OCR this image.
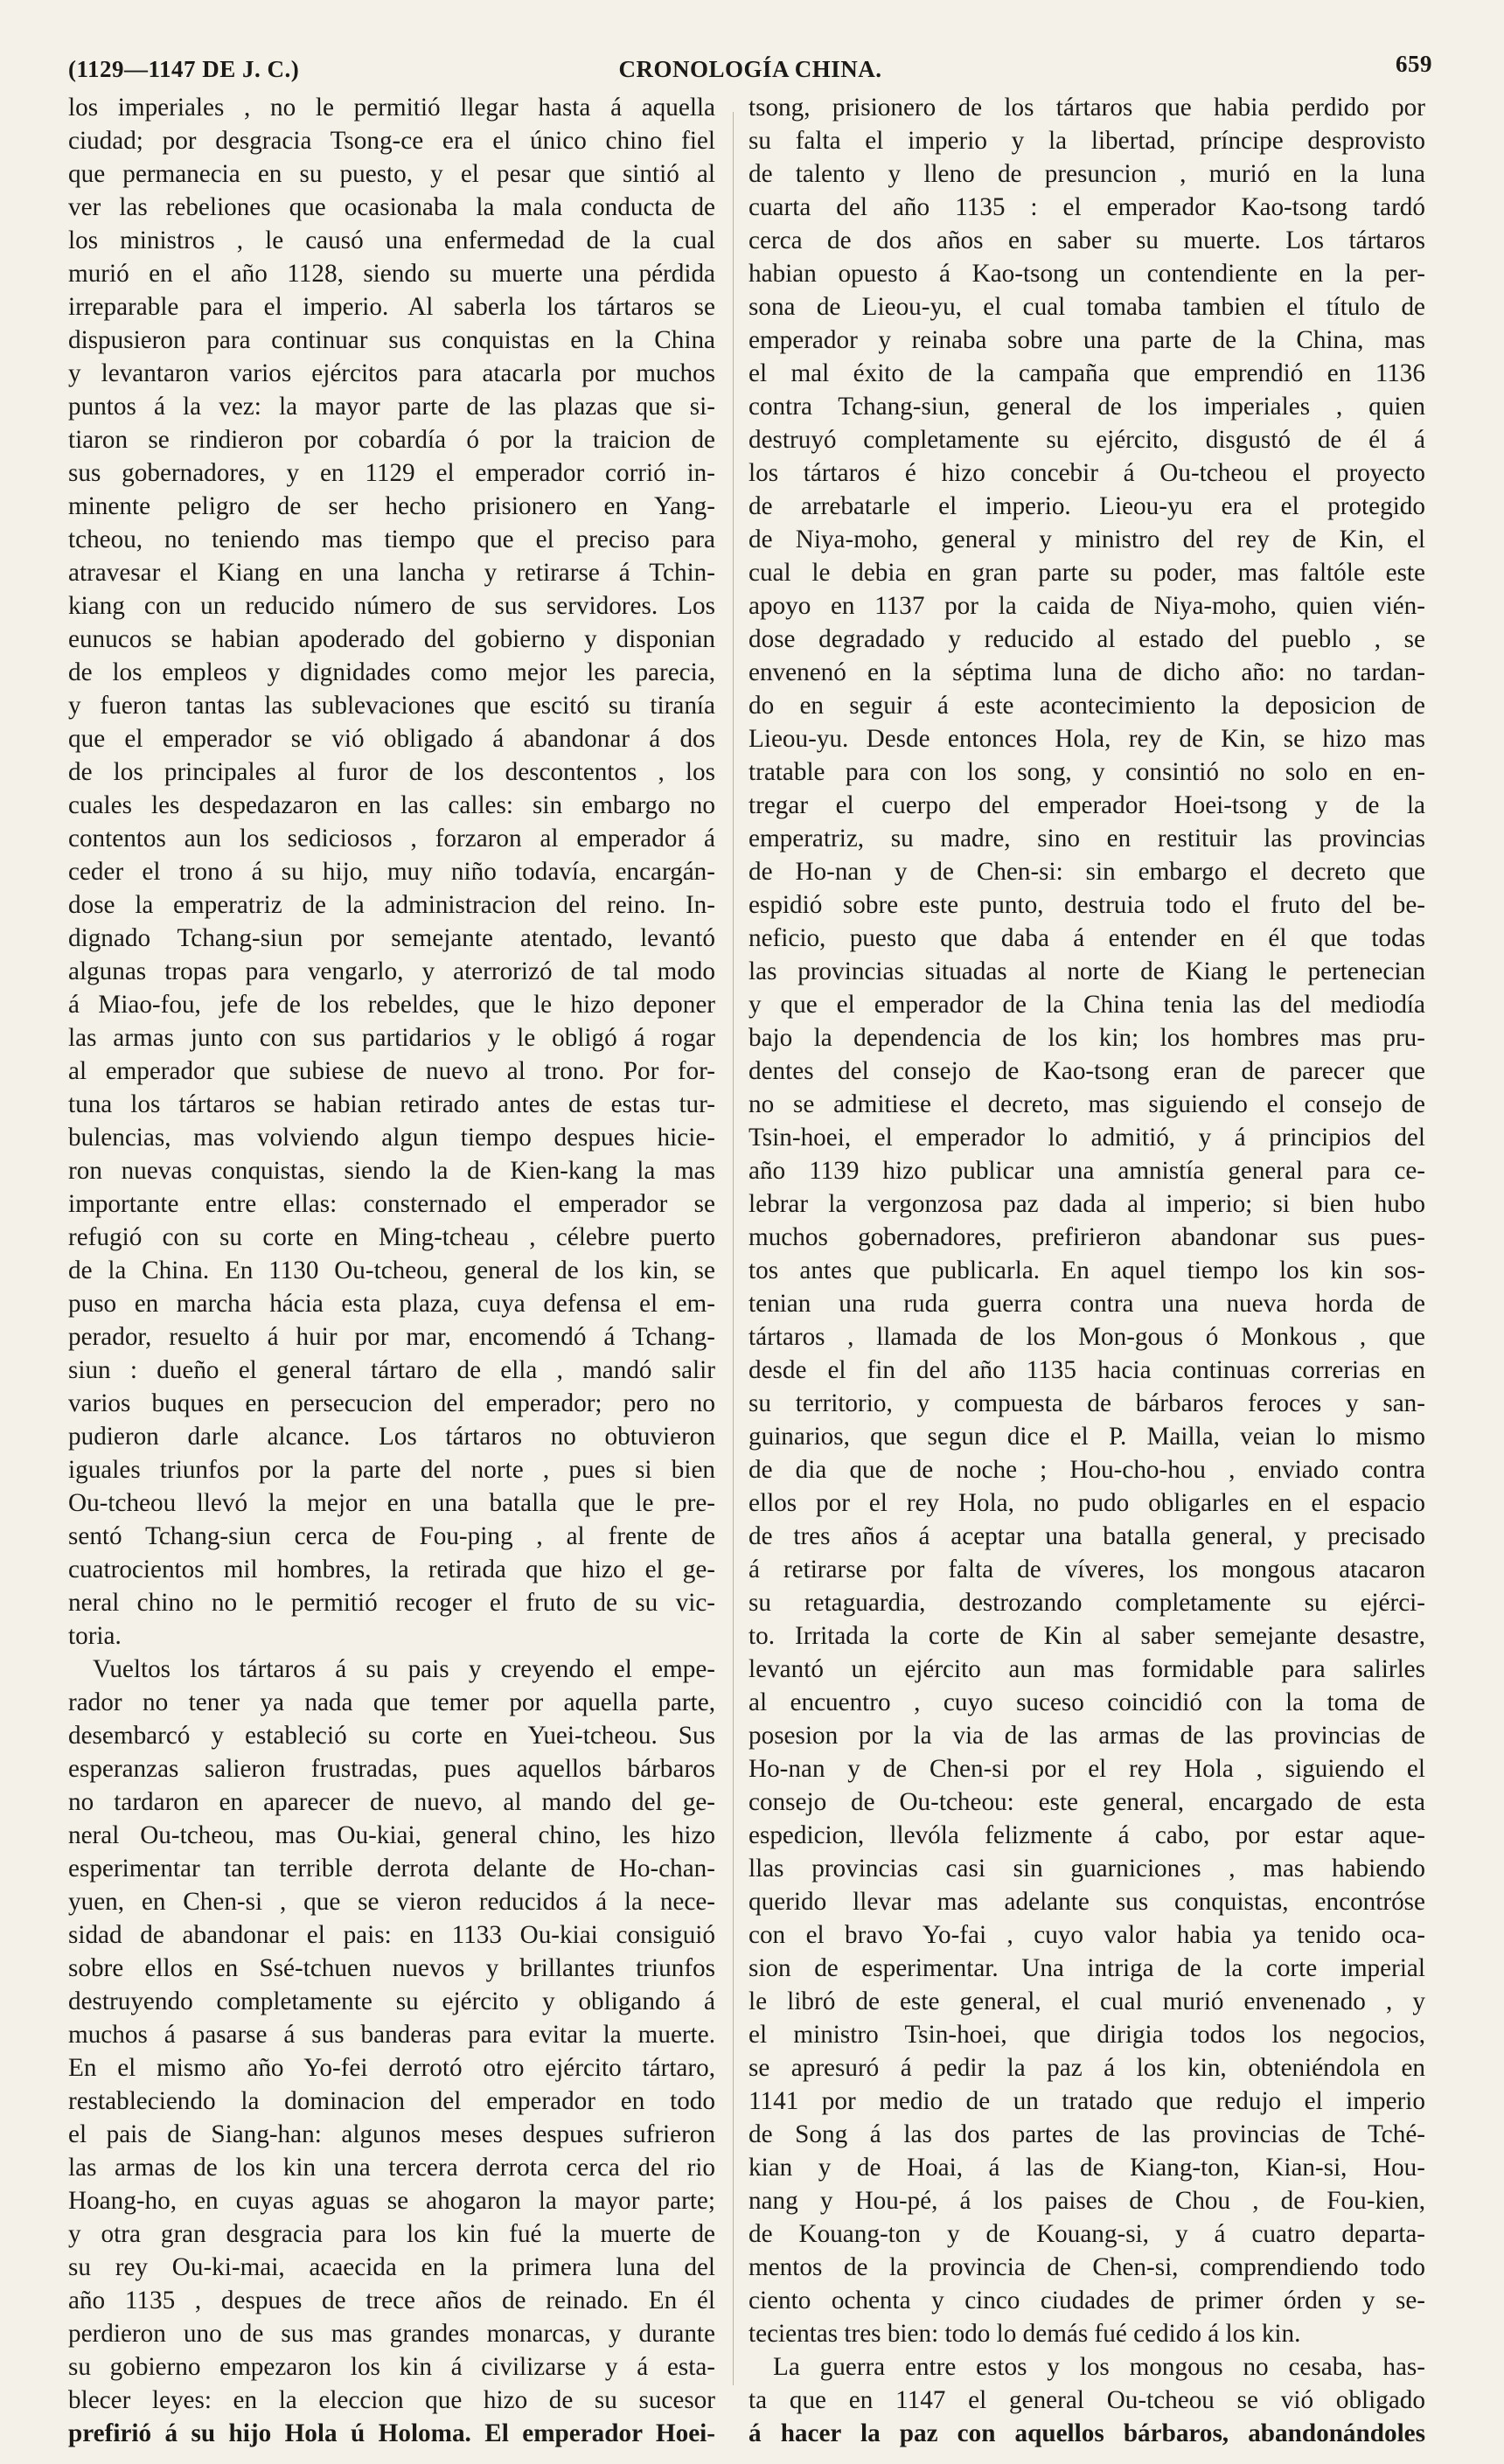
(1129—1147 DE J. C.)	CRONOLOGÍA CHINA.	659
los imperiales , no le permitió llegar hasta á aquella
ciudad; por desgracia Tsong-ce era el único chino fiel
que permanecia en su puesto, y el pesar que sintió al
ver las rebeliones que ocasionaba la mala conducta de
los ministros , le causó una enfermedad de la cual
murió en el año 1128, siendo su muerte una pérdida
irreparable para el imperio. Al saberla los tártaros se
dispusieron para continuar sus conquistas en la China
y levantaron varios ejércitos para atacarla por muchos
puntos á la vez: la mayor parte de las plazas que si-
tiaron se rindieron por cobardía ó por la traicion de
sus gobernadores, y en 1129 el emperador corrió in-
minente peligro de ser hecho prisionero en Yang-
tcheou, no teniendo mas tiempo que el preciso para
atravesar el Kiang en una lancha y retirarse á Tchin-
kiang con un reducido número de sus servidores. Los
eunucos se habian apoderado del gobierno y disponian
de los empleos y dignidades como mejor les parecia,
y fueron tantas las sublevaciones que escitó su tiranía
que el emperador se vió obligado á abandonar á dos
de los principales al furor de los descontentos , los
cuales les despedazaron en las calles: sin embargo no
contentos aun los sediciosos , forzaron al emperador á
ceder el trono á su hijo, muy niño todavía, encargán-
dose la emperatriz de la administracion del reino. In-
dignado Tchang-siun por semejante atentado, levantó
algunas tropas para vengarlo, y aterrorizó de tal modo
á Miao-fou, jefe de los rebeldes, que le hizo deponer
las armas junto con sus partidarios y le obligó á rogar
al emperador que subiese de nuevo al trono. Por for-
tuna los tártaros se habian retirado antes de estas tur-
bulencias, mas volviendo algun tiempo despues hicie-
ron nuevas conquistas, siendo la de Kien-kang la mas
importante entre ellas: consternado el emperador se
refugió con su corte en Ming-tcheau , célebre puerto
de la China. En 1130 Ou-tcheou, general de los kin, se
puso en marcha hácia esta plaza, cuya defensa el em-
perador, resuelto á huir por mar, encomendó á Tchang-
siun : dueño el general tártaro de ella , mandó salir
varios buques en persecucion del emperador; pero no
pudieron darle alcance. Los tártaros no obtuvieron
iguales triunfos por la parte del norte , pues si bien
Ou-tcheou llevó la mejor en una batalla que le pre-
sentó Tchang-siun cerca de Fou-ping , al frente de
cuatrocientos mil hombres, la retirada que hizo el ge-
neral chino no le permitió recoger el fruto de su vic-
toria.
Vueltos los tártaros á su pais y creyendo el empe-
rador no tener ya nada que temer por aquella parte,
desembarcó y estableció su corte en Yuei-tcheou. Sus
esperanzas salieron frustradas, pues aquellos bárbaros
no tardaron en aparecer de nuevo, al mando del ge-
neral Ou-tcheou, mas Ou-kiai, general chino, les hizo
esperimentar tan terrible derrota delante de Ho-chan-
yuen, en Chen-si , que se vieron reducidos á la nece-
sidad de abandonar el pais: en 1133 Ou-kiai consiguió
sobre ellos en Ssé-tchuen nuevos y brillantes triunfos
destruyendo completamente su ejército y obligando á
muchos á pasarse á sus banderas para evitar la muerte.
En el mismo año Yo-fei derrotó otro ejército tártaro,
restableciendo la dominacion del emperador en todo
el pais de Siang-han: algunos meses despues sufrieron
las armas de los kin una tercera derrota cerca del rio
Hoang-ho, en cuyas aguas se ahogaron la mayor parte;
y otra gran desgracia para los kin fué la muerte de
su rey Ou-ki-mai, acaecida en la primera luna del
año 1135 , despues de trece años de reinado. En él
perdieron uno de sus mas grandes monarcas, y durante
su gobierno empezaron los kin á civilizarse y á esta-
blecer leyes: en la eleccion que hizo de su sucesor
prefirió á su hijo Hola ú Holoma. El emperador Hoei-
tsong, prisionero de los tártaros que habia perdido por
su falta el imperio y la libertad, príncipe desprovisto
de talento y lleno de presuncion , murió en la luna
cuarta del año 1135 : el emperador Kao-tsong tardó
cerca de dos años en saber su muerte. Los tártaros
habian opuesto á Kao-tsong un contendiente en la per-
sona de Lieou-yu, el cual tomaba tambien el título de
emperador y reinaba sobre una parte de la China, mas
el mal éxito de la campaña que emprendió en 1136
contra Tchang-siun, general de los imperiales , quien
destruyó completamente su ejército, disgustó de él á
los tártaros é hizo concebir á Ou-tcheou el proyecto
de arrebatarle el imperio. Lieou-yu era el protegido
de Niya-moho, general y ministro del rey de Kin, el
cual le debia en gran parte su poder, mas faltóle este
apoyo en 1137 por la caida de Niya-moho, quien vién-
dose degradado y reducido al estado del pueblo , se
envenenó en la séptima luna de dicho año: no tardan-
do en seguir á este acontecimiento la deposicion de
Lieou-yu. Desde entonces Hola, rey de Kin, se hizo mas
tratable para con los song, y consintió no solo en en-
tregar el cuerpo del emperador Hoei-tsong y de la
emperatriz, su madre, sino en restituir las provincias
de Ho-nan y de Chen-si: sin embargo el decreto que
espidió sobre este punto, destruia todo el fruto del be-
neficio, puesto que daba á entender en él que todas
las provincias situadas al norte de Kiang le pertenecian
y que el emperador de la China tenia las del mediodía
bajo la dependencia de los kin; los hombres mas pru-
dentes del consejo de Kao-tsong eran de parecer que
no se admitiese el decreto, mas siguiendo el consejo de
Tsin-hoei, el emperador lo admitió, y á principios del
año 1139 hizo publicar una amnistía general para ce-
lebrar la vergonzosa paz dada al imperio; si bien hubo
muchos gobernadores, prefirieron abandonar sus pues-
tos antes que publicarla. En aquel tiempo los kin sos-
tenian una ruda guerra contra una nueva horda de
tártaros , llamada de los Mon-gous ó Monkous , que
desde el fin del año 1135 hacia continuas correrias en
su territorio, y compuesta de bárbaros feroces y san-
guinarios, que segun dice el P. Mailla, veian lo mismo
de dia que de noche ; Hou-cho-hou , enviado contra
ellos por el rey Hola, no pudo obligarles en el espacio
de tres años á aceptar una batalla general, y precisado
á retirarse por falta de víveres, los mongous atacaron
su retaguardia, destrozando completamente su ejérci-
to. Irritada la corte de Kin al saber semejante desastre,
levantó un ejército aun mas formidable para salirles
al encuentro , cuyo suceso coincidió con la toma de
posesion por la via de las armas de las provincias de
Ho-nan y de Chen-si por el rey Hola , siguiendo el
consejo de Ou-tcheou: este general, encargado de esta
espedicion, llevóla felizmente á cabo, por estar aque-
llas provincias casi sin guarniciones , mas habiendo
querido llevar mas adelante sus conquistas, encontróse
con el bravo Yo-fai , cuyo valor habia ya tenido oca-
sion de esperimentar. Una intriga de la corte imperial
le libró de este general, el cual murió envenenado , y
el ministro Tsin-hoei, que dirigia todos los negocios,
se apresuró á pedir la paz á los kin, obteniéndola en
1141 por medio de un tratado que redujo el imperio
de Song á las dos partes de las provincias de Tché-
kian y de Hoai, á las de Kiang-ton, Kian-si, Hou-
nang y Hou-pé, á los paises de Chou , de Fou-kien,
de Kouang-ton y de Kouang-si, y á cuatro departa-
mentos de la provincia de Chen-si, comprendiendo todo
ciento ochenta y cinco ciudades de primer órden y se-
tecientas tres bien: todo lo demás fué cedido á los kin.
La guerra entre estos y los mongous no cesaba, has-
ta que en 1147 el general Ou-tcheou se vió obligado
á hacer la paz con aquellos bárbaros, abandonándoles
